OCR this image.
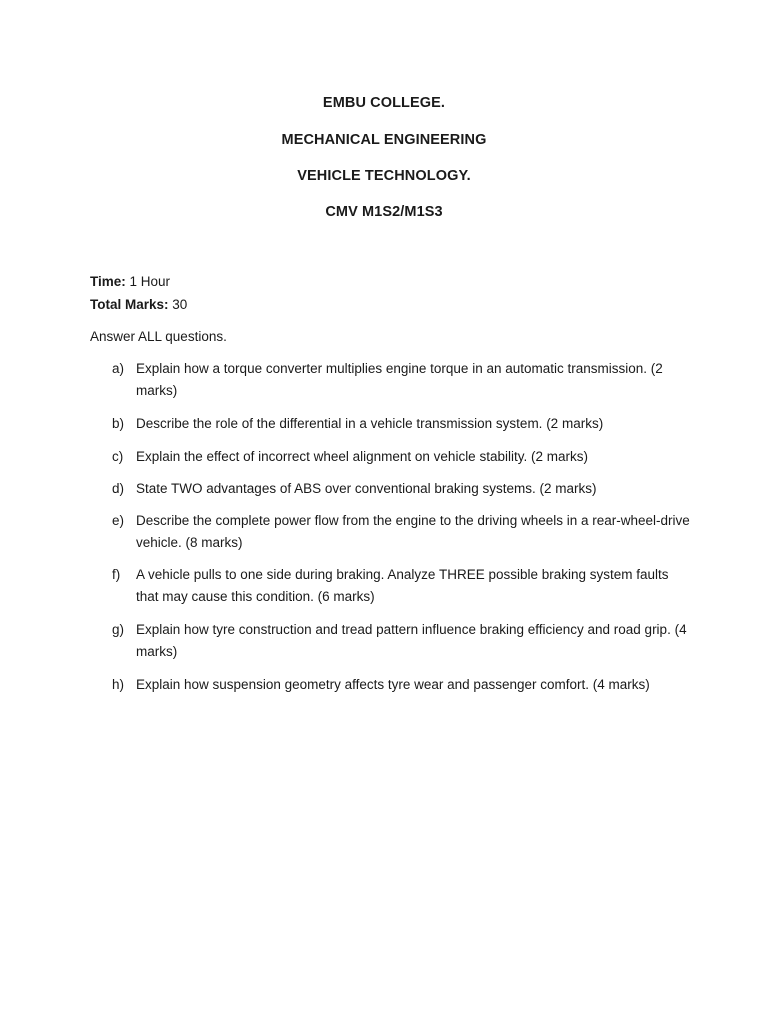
EMBU COLLEGE.
MECHANICAL ENGINEERING
VEHICLE TECHNOLOGY.
CMV M1S2/M1S3
Time: 1 Hour
Total Marks: 30
Answer ALL questions.
a) Explain how a torque converter multiplies engine torque in an automatic transmission. (2 marks)
b) Describe the role of the differential in a vehicle transmission system. (2 marks)
c) Explain the effect of incorrect wheel alignment on vehicle stability. (2 marks)
d) State TWO advantages of ABS over conventional braking systems. (2 marks)
e) Describe the complete power flow from the engine to the driving wheels in a rear-wheel-drive vehicle. (8 marks)
f)	A vehicle pulls to one side during braking. Analyze THREE possible braking system faults that may cause this condition. (6 marks)
g) Explain how tyre construction and tread pattern influence braking efficiency and road grip. (4 marks)
h) Explain how suspension geometry affects tyre wear and passenger comfort. (4 marks)
